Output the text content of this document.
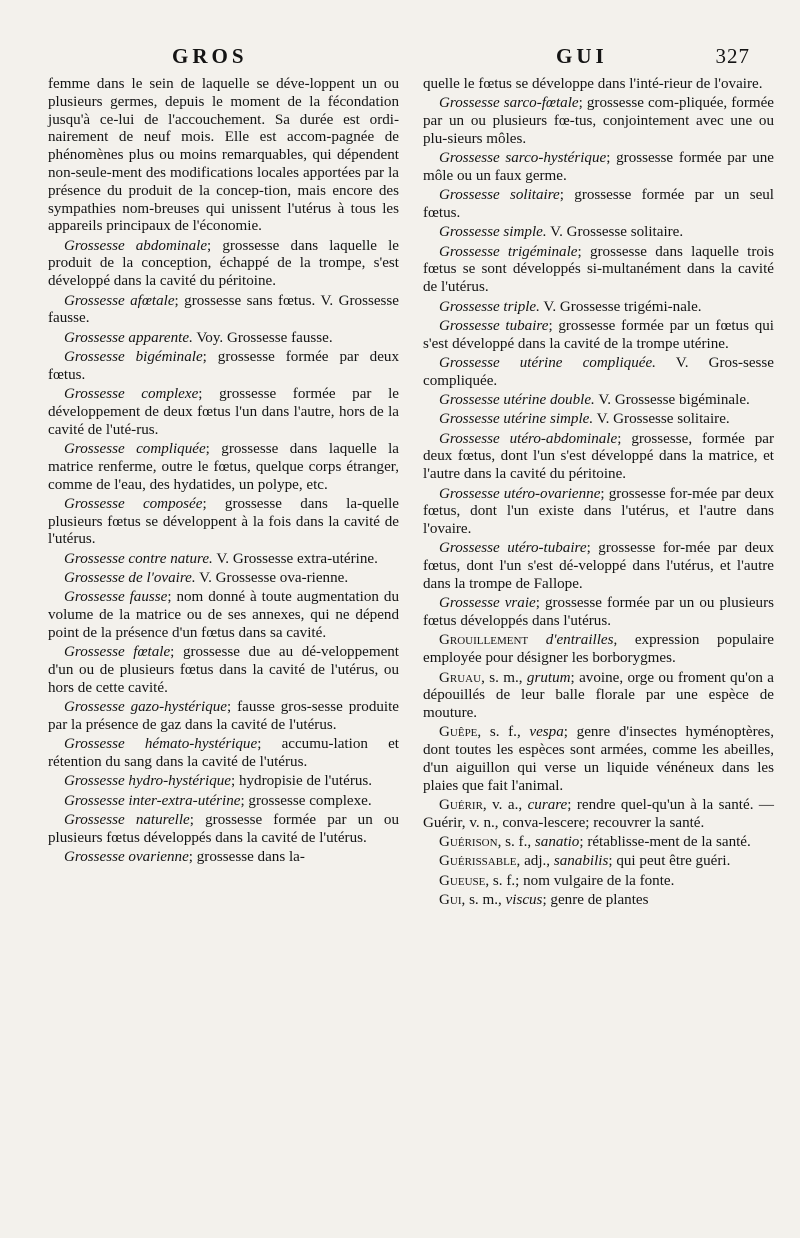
GROS	GUI	327

femme dans le sein de laquelle se déve-loppent un ou plusieurs germes, depuis le moment de la fécondation jusqu'à ce-lui de l'accouchement. Sa durée est ordi-nairement de neuf mois. Elle est accom-pagnée de phénomènes plus ou moins remarquables, qui dépendent non-seule-ment des modifications locales apportées par la présence du produit de la concep-tion, mais encore des sympathies nom-breuses qui unissent l'utérus à tous les appareils principaux de l'économie.

Grossesse abdominale; grossesse dans laquelle le produit de la conception, échappé de la trompe, s'est développé dans la cavité du péritoine.

Grossesse afœtale; grossesse sans fœtus. V. Grossesse fausse.

Grossesse apparente. Voy. Grossesse fausse.

Grossesse bigéminale; grossesse formée par deux fœtus.

Grossesse complexe; grossesse formée par le développement de deux fœtus l'un dans l'autre, hors de la cavité de l'uté-rus.

Grossesse compliquée; grossesse dans laquelle la matrice renferme, outre le fœtus, quelque corps étranger, comme de l'eau, des hydatides, un polype, etc.

Grossesse composée; grossesse dans la-quelle plusieurs fœtus se développent à la fois dans la cavité de l'utérus.

Grossesse contre nature. V. Grossesse extra-utérine.

Grossesse de l'ovaire. V. Grossesse ova-rienne.

Grossesse fausse; nom donné à toute augmentation du volume de la matrice ou de ses annexes, qui ne dépend point de la présence d'un fœtus dans sa cavité.

Grossesse fœtale; grossesse due au dé-veloppement d'un ou de plusieurs fœtus dans la cavité de l'utérus, ou hors de cette cavité.

Grossesse gazo-hystérique; fausse gros-sesse produite par la présence de gaz dans la cavité de l'utérus.

Grossesse hémato-hystérique; accumu-lation et rétention du sang dans la cavité de l'utérus.

Grossesse hydro-hystérique; hydropisie de l'utérus.

Grossesse inter-extra-utérine; grossesse complexe.

Grossesse naturelle; grossesse formée par un ou plusieurs fœtus développés dans la cavité de l'utérus.

Grossesse ovarienne; grossesse dans la-

quelle le fœtus se développe dans l'inté-rieur de l'ovaire.

Grossesse sarco-fœtale; grossesse com-pliquée, formée par un ou plusieurs fœ-tus, conjointement avec une ou plu-sieurs môles.

Grossesse sarco-hystérique; grossesse formée par une môle ou un faux germe.

Grossesse solitaire; grossesse formée par un seul fœtus.

Grossesse simple. V. Grossesse solitaire.

Grossesse trigéminale; grossesse dans laquelle trois fœtus se sont développés si-multanément dans la cavité de l'utérus.

Grossesse triple. V. Grossesse trigémi-nale.

Grossesse tubaire; grossesse formée par un fœtus qui s'est développé dans la cavité de la trompe utérine.

Grossesse utérine compliquée. V. Gros-sesse compliquée.

Grossesse utérine double. V. Grossesse bigéminale.

Grossesse utérine simple. V. Grossesse solitaire.

Grossesse utéro-abdominale; grossesse, formée par deux fœtus, dont l'un s'est développé dans la matrice, et l'autre dans la cavité du péritoine.

Grossesse utéro-ovarienne; grossesse for-mée par deux fœtus, dont l'un existe dans l'utérus, et l'autre dans l'ovaire.

Grossesse utéro-tubaire; grossesse for-mée par deux fœtus, dont l'un s'est dé-veloppé dans l'utérus, et l'autre dans la trompe de Fallope.

Grossesse vraie; grossesse formée par un ou plusieurs fœtus développés dans l'utérus.

Grouillement d'entrailles, expression populaire employée pour désigner les borborygmes.

Gruau, s. m., grutum; avoine, orge ou froment qu'on a dépouillés de leur balle florale par une espèce de mouture.

Guêpe, s. f., vespa; genre d'insectes hyménoptères, dont toutes les espèces sont armées, comme les abeilles, d'un aiguillon qui verse un liquide vénéneux dans les plaies que fait l'animal.

Guérir, v. a., curare; rendre quel-qu'un à la santé. — Guérir, v. n., conva-lescere; recouvrer la santé.

Guérison, s. f., sanatio; rétablisse-ment de la santé.

Guérissable, adj., sanabilis; qui peut être guéri.

Gueuse, s. f.; nom vulgaire de la fonte.

Gui, s. m., viscus; genre de plantes
